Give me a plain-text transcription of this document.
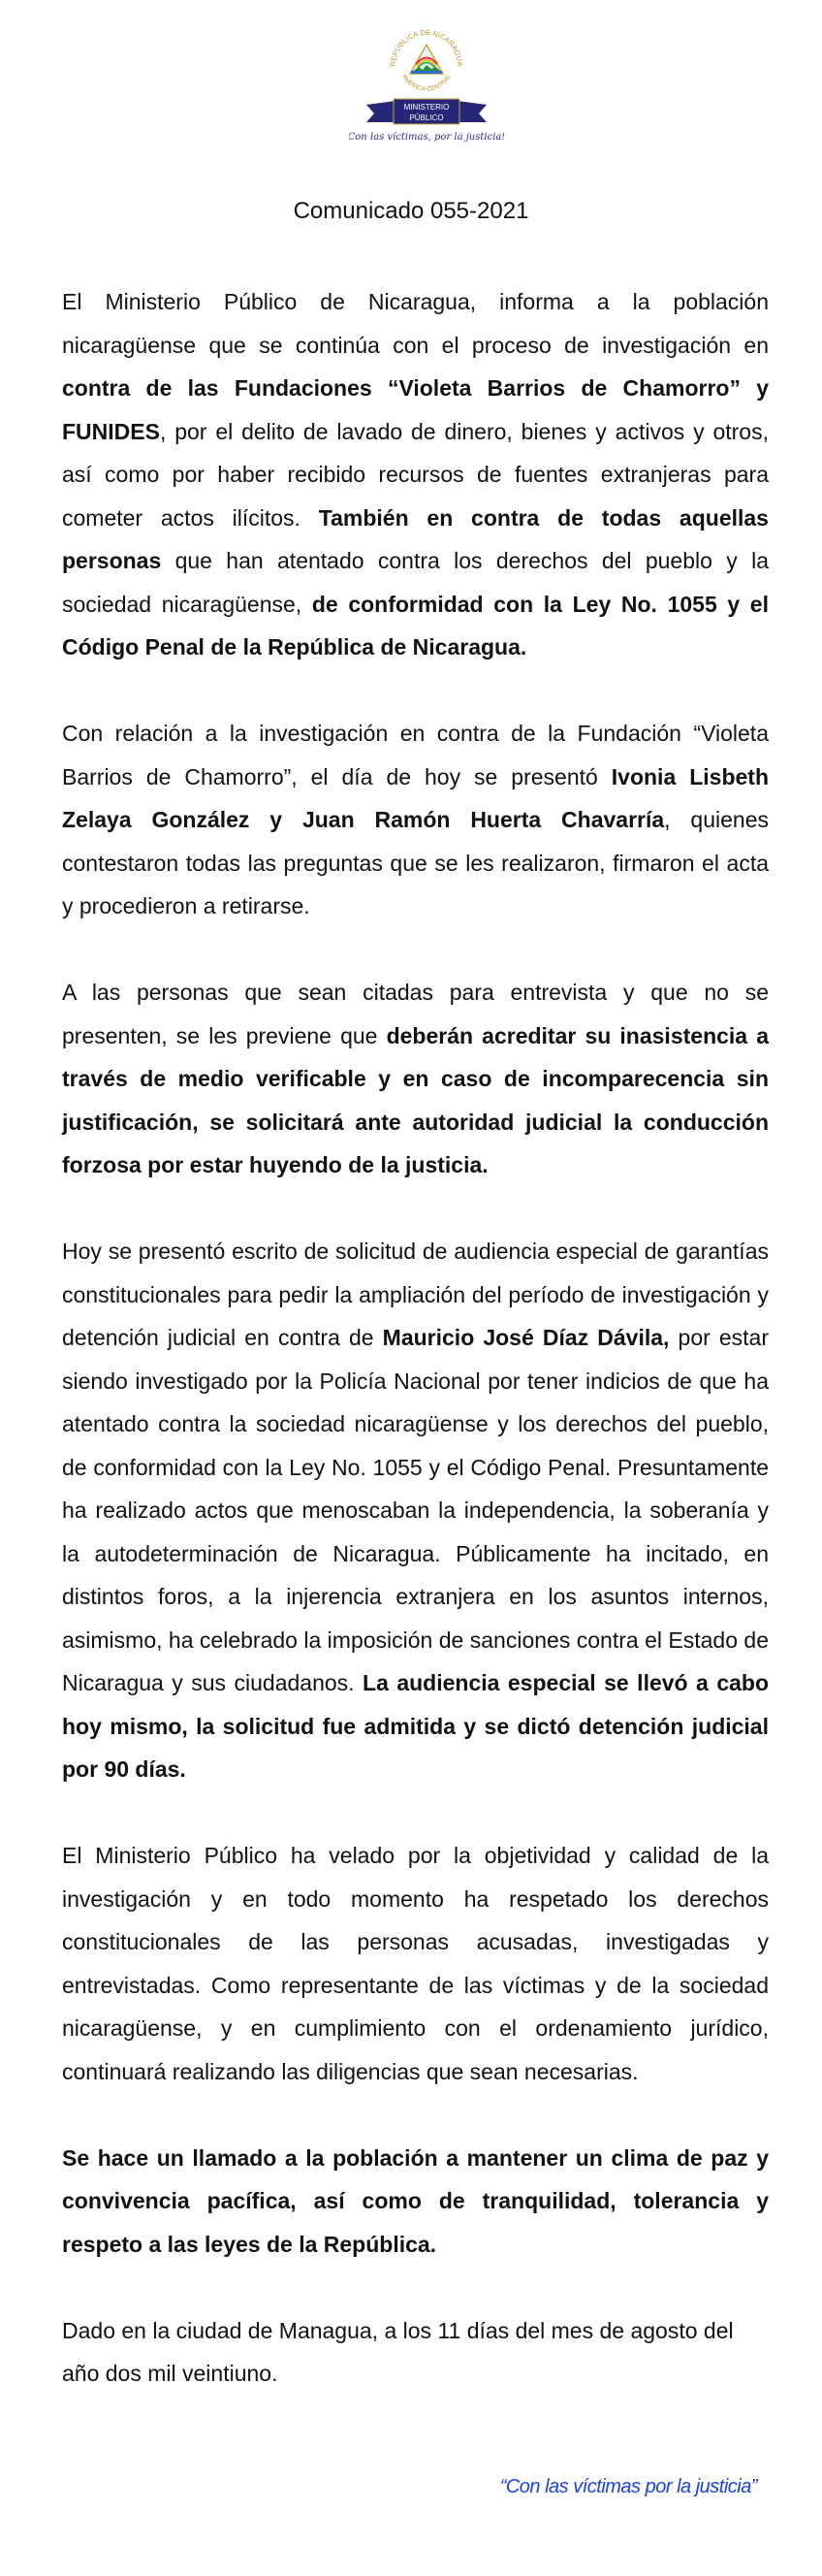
REPÚBLICA DE NICARAGUA
AMÉRICA CENTRAL
MINISTERIO
PÚBLICO
Con las víctimas, por la justicia!
Comunicado 055-2021

El Ministerio Público de Nicaragua, informa a la población nicaragüense que se continúa con el proceso de investigación en contra de las Fundaciones “Violeta Barrios de Chamorro” y FUNIDES, por el delito de lavado de dinero, bienes y activos y otros, así como por haber recibido recursos de fuentes extranjeras para cometer actos ilícitos. También en contra de todas aquellas personas que han atentado contra los derechos del pueblo y la sociedad nicaragüense, de conformidad con la Ley No. 1055 y el Código Penal de la República de Nicaragua.

Con relación a la investigación en contra de la Fundación “Violeta Barrios de Chamorro”, el día de hoy se presentó Ivonia Lisbeth Zelaya González y Juan Ramón Huerta Chavarría, quienes contestaron todas las preguntas que se les realizaron, firmaron el acta y procedieron a retirarse.

A las personas que sean citadas para entrevista y que no se presenten, se les previene que deberán acreditar su inasistencia a través de medio verificable y en caso de incomparecencia sin justificación, se solicitará ante autoridad judicial la conducción forzosa por estar huyendo de la justicia.

Hoy se presentó escrito de solicitud de audiencia especial de garantías constitucionales para pedir la ampliación del período de investigación y detención judicial en contra de Mauricio José Díaz Dávila, por estar siendo investigado por la Policía Nacional por tener indicios de que ha atentado contra la sociedad nicaragüense y los derechos del pueblo, de conformidad con la Ley No. 1055 y el Código Penal. Presuntamente ha realizado actos que menoscaban la independencia, la soberanía y la autodeterminación de Nicaragua. Públicamente ha incitado, en distintos foros, a la injerencia extranjera en los asuntos internos, asimismo, ha celebrado la imposición de sanciones contra el Estado de Nicaragua y sus ciudadanos. La audiencia especial se llevó a cabo hoy mismo, la solicitud fue admitida y se dictó detención judicial por 90 días.

El Ministerio Público ha velado por la objetividad y calidad de la investigación y en todo momento ha respetado los derechos constitucionales de las personas acusadas, investigadas y entrevistadas. Como representante de las víctimas y de la sociedad nicaragüense, y en cumplimiento con el ordenamiento jurídico, continuará realizando las diligencias que sean necesarias.

Se hace un llamado a la población a mantener un clima de paz y convivencia pacífica, así como de tranquilidad, tolerancia y respeto a las leyes de la República.

Dado en la ciudad de Managua, a los 11 días del mes de agosto del año dos mil veintiuno.

“Con las víctimas por la justicia”
